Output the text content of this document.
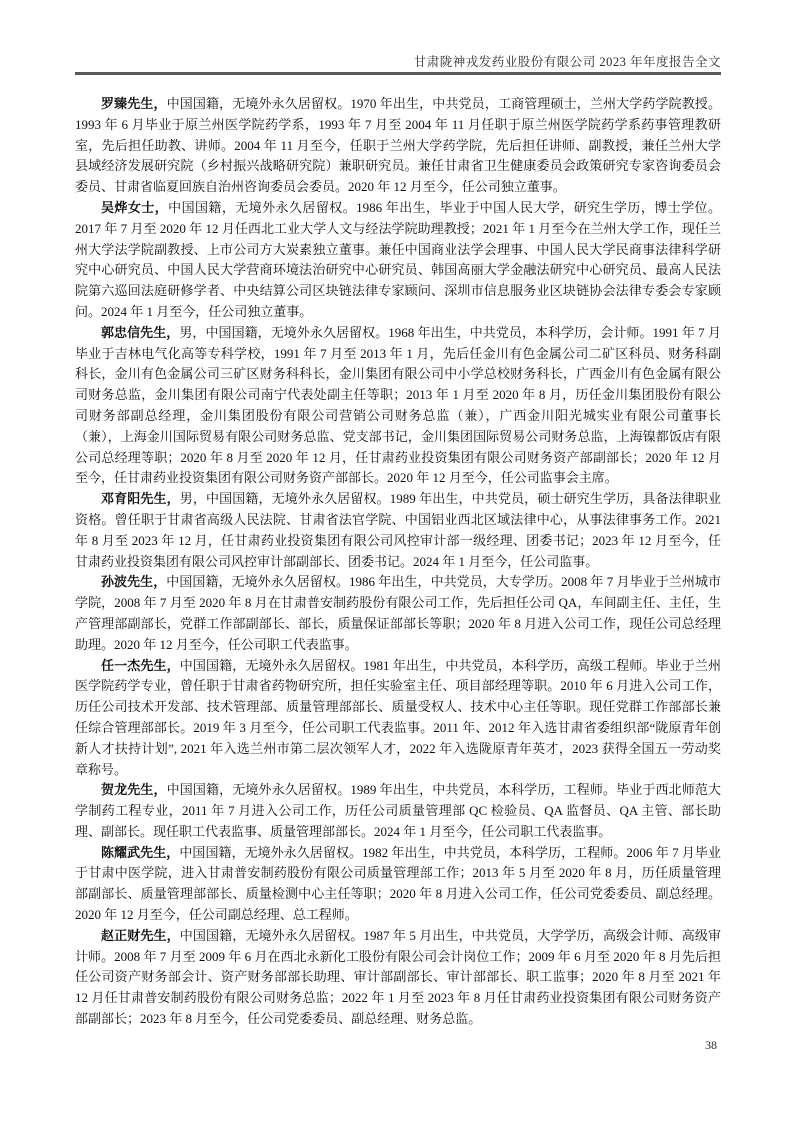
甘肃陇神戎发药业股份有限公司 2023 年年度报告全文

罗臻先生，中国国籍，无境外永久居留权。1970 年出生，中共党员，工商管理硕士，兰州大学药学院教授。1993 年 6 月毕业于原兰州医学院药学系，1993 年 7 月至 2004 年 11 月任职于原兰州医学院药学系药事管理教研室，先后担任助教、讲师。2004 年 11 月至今，任职于兰州大学药学院，先后担任讲师、副教授，兼任兰州大学县域经济发展研究院（乡村振兴战略研究院）兼职研究员。兼任甘肃省卫生健康委员会政策研究专家咨询委员会委员、甘肃省临夏回族自治州咨询委员会委员。2020 年 12 月至今，任公司独立董事。

吴烨女士，中国国籍，无境外永久居留权。1986 年出生，毕业于中国人民大学，研究生学历，博士学位。2017 年 7 月至 2020 年 12 月任西北工业大学人文与经法学院助理教授；2021 年 1 月至今在兰州大学工作，现任兰州大学法学院副教授、上市公司方大炭素独立董事。兼任中国商业法学会理事、中国人民大学民商事法律科学研究中心研究员、中国人民大学营商环境法治研究中心研究员、韩国高丽大学金融法研究中心研究员、最高人民法院第六巡回法庭研修学者、中央结算公司区块链法律专家顾问、深圳市信息服务业区块链协会法律专委会专家顾问。2024 年 1 月至今，任公司独立董事。

郭忠信先生，男，中国国籍，无境外永久居留权。1968 年出生，中共党员，本科学历，会计师。1991 年 7 月毕业于吉林电气化高等专科学校，1991 年 7 月至 2013 年 1 月，先后任金川有色金属公司二矿区科员、财务科副科长，金川有色金属公司三矿区财务科科长，金川集团有限公司中小学总校财务科长，广西金川有色金属有限公司财务总监，金川集团有限公司南宁代表处副主任等职；2013 年 1 月至 2020 年 8 月，历任金川集团股份有限公司财务部副总经理，金川集团股份有限公司营销公司财务总监（兼），广西金川阳光城实业有限公司董事长（兼），上海金川国际贸易有限公司财务总监、党支部书记，金川集团国际贸易公司财务总监，上海镍都饭店有限公司总经理等职；2020 年 8 月至 2020 年 12 月，任甘肃药业投资集团有限公司财务资产部副部长；2020 年 12 月至今，任甘肃药业投资集团有限公司财务资产部部长。2020 年 12 月至今，任公司监事会主席。

邓育阳先生，男，中国国籍，无境外永久居留权。1989 年出生，中共党员，硕士研究生学历，具备法律职业资格。曾任职于甘肃省高级人民法院、甘肃省法官学院、中国铝业西北区域法律中心，从事法律事务工作。2021 年 8 月至 2023 年 12 月，任甘肃药业投资集团有限公司风控审计部一级经理、团委书记；2023 年 12 月至今，任甘肃药业投资集团有限公司风控审计部副部长、团委书记。2024 年 1 月至今，任公司监事。

孙波先生，中国国籍，无境外永久居留权。1986 年出生，中共党员，大专学历。2008 年 7 月毕业于兰州城市学院，2008 年 7 月至 2020 年 8 月在甘肃普安制药股份有限公司工作，先后担任公司 QA，车间副主任、主任，生产管理部副部长，党群工作部副部长、部长，质量保证部部长等职；2020 年 8 月进入公司工作，现任公司总经理助理。2020 年 12 月至今，任公司职工代表监事。

任一杰先生，中国国籍，无境外永久居留权。1981 年出生，中共党员，本科学历，高级工程师。毕业于兰州医学院药学专业，曾任职于甘肃省药物研究所，担任实验室主任、项目部经理等职。2010 年 6 月进入公司工作，历任公司技术开发部、技术管理部、质量管理部部长、质量受权人、技术中心主任等职。现任党群工作部部长兼任综合管理部部长。2019 年 3 月至今，任公司职工代表监事。2011 年、2012 年入选甘肃省委组织部“陇原青年创新人才扶持计划”, 2021 年入选兰州市第二层次领军人才，2022 年入选陇原青年英才，2023 获得全国五一劳动奖章称号。

贺龙先生，中国国籍，无境外永久居留权。1989 年出生，中共党员，本科学历，工程师。毕业于西北师范大学制药工程专业，2011 年 7 月进入公司工作，历任公司质量管理部 QC 检验员、QA 监督员、QA 主管、部长助理、副部长。现任职工代表监事、质量管理部部长。2024 年 1 月至今，任公司职工代表监事。

陈耀武先生，中国国籍，无境外永久居留权。1982 年出生，中共党员，本科学历，工程师。2006 年 7 月毕业于甘肃中医学院，进入甘肃普安制药股份有限公司质量管理部工作；2013 年 5 月至 2020 年 8 月，历任质量管理部副部长、质量管理部部长、质量检测中心主任等职；2020 年 8 月进入公司工作，任公司党委委员、副总经理。2020 年 12 月至今，任公司副总经理、总工程师。

赵正财先生，中国国籍，无境外永久居留权。1987 年 5 月出生，中共党员，大学学历，高级会计师、高级审计师。2008 年 7 月至 2009 年 6 月在西北永新化工股份有限公司会计岗位工作；2009 年 6 月至 2020 年 8 月先后担任公司资产财务部会计、资产财务部部长助理、审计部副部长、审计部部长、职工监事；2020 年 8 月至 2021 年 12 月任甘肃普安制药股份有限公司财务总监；2022 年 1 月至 2023 年 8 月任甘肃药业投资集团有限公司财务资产部副部长；2023 年 8 月至今，任公司党委委员、副总经理、财务总监。

38
